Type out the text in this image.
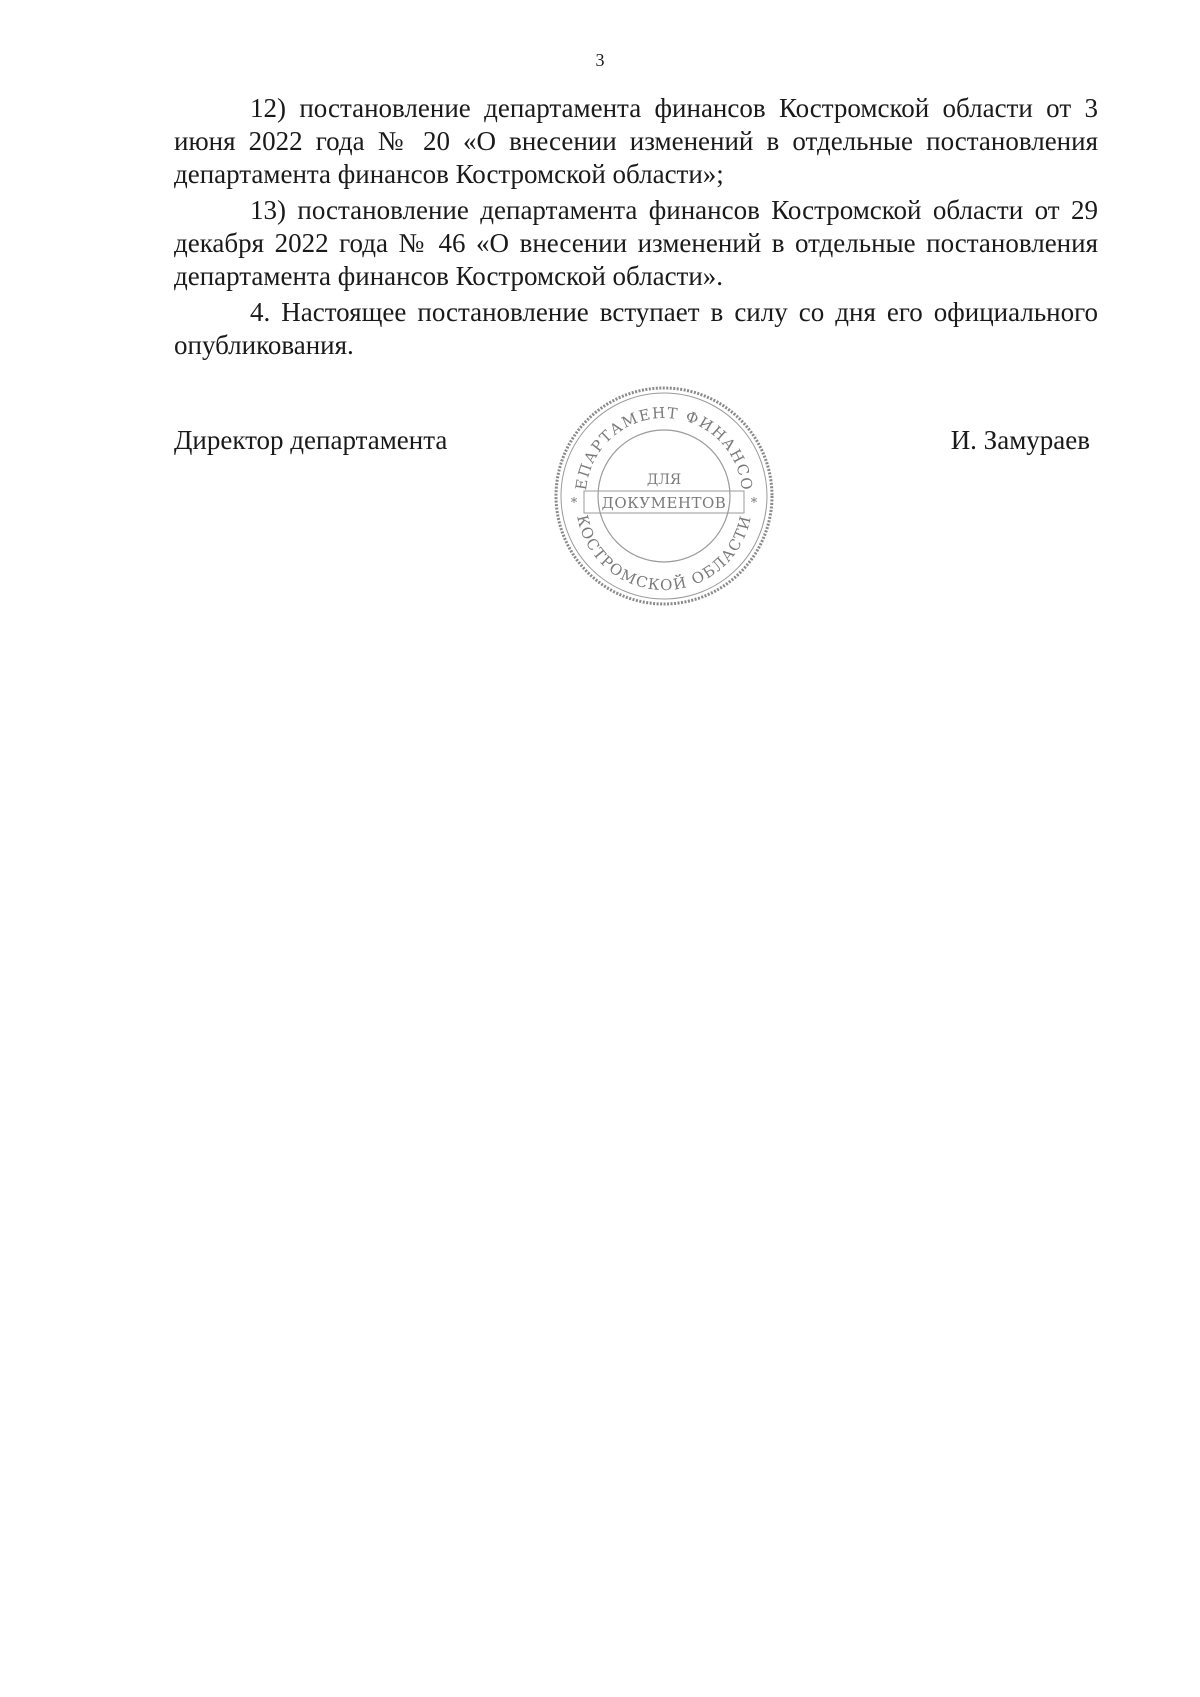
3

12) постановление департамента финансов Костромской области от 3 июня 2022 года № 20 «О внесении изменений в отдельные постановления департамента финансов Костромской области»;

13) постановление департамента финансов Костромской области от 29 декабря 2022 года № 46 «О внесении изменений в отдельные постановления департамента финансов Костромской области».

4. Настоящее постановление вступает в силу со дня его официального опубликования.

Директор департамента	И. Замураев
ЕПАРТАМЕНТ ФИНАНСО
КОСТРОМСКОЙ ОБЛАСТИ
ДЛЯ
ДОКУМЕНТОВ
*	*
